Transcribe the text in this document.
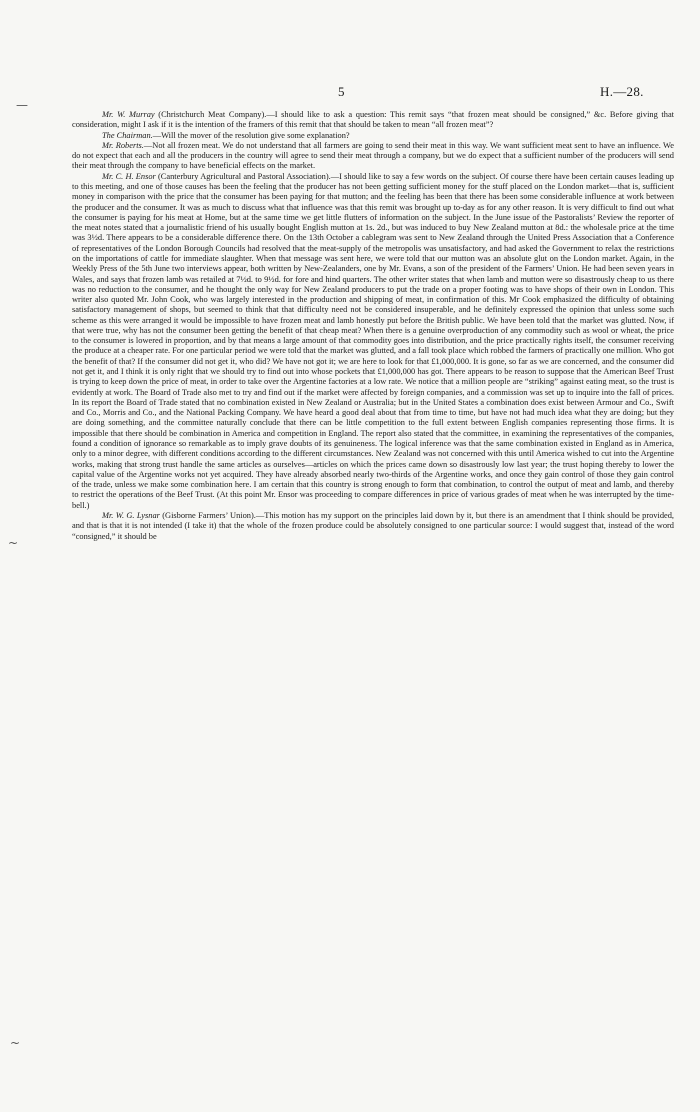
5	H.—28.
—
~
~

Mr. W. Murray (Christchurch Meat Company).—I should like to ask a question: This remit says “that frozen meat should be consigned,” &c. Before giving that consideration, might I ask if it is the intention of the framers of this remit that that should be taken to mean “all frozen meat”?

The Chairman.—Will the mover of the resolution give some explanation?

Mr. Roberts.—Not all frozen meat. We do not understand that all farmers are going to send their meat in this way. We want sufficient meat sent to have an influence. We do not expect that each and all the producers in the country will agree to send their meat through a company, but we do expect that a sufficient number of the producers will send their meat through the company to have beneficial effects on the market.

Mr. C. H. Ensor (Canterbury Agricultural and Pastoral Association).—I should like to say a few words on the subject. Of course there have been certain causes leading up to this meeting, and one of those causes has been the feeling that the producer has not been getting sufficient money for the stuff placed on the London market—that is, sufficient money in comparison with the price that the consumer has been paying for that mutton; and the feeling has been that there has been some considerable influence at work between the producer and the consumer. It was as much to discuss what that influence was that this remit was brought up to-day as for any other reason. It is very difficult to find out what the consumer is paying for his meat at Home, but at the same time we get little flutters of information on the subject. In the June issue of the Pastoralists’ Review the reporter of the meat notes stated that a journalistic friend of his usually bought English mutton at 1s. 2d., but was induced to buy New Zealand mutton at 8d.: the wholesale price at the time was 3½d. There appears to be a considerable difference there. On the 13th October a cablegram was sent to New Zealand through the United Press Association that a Conference of representatives of the London Borough Councils had resolved that the meat-supply of the metropolis was unsatisfactory, and had asked the Government to relax the restrictions on the importations of cattle for immediate slaughter. When that message was sent here, we were told that our mutton was an absolute glut on the London market. Again, in the Weekly Press of the 5th June two interviews appear, both written by New-Zealanders, one by Mr. Evans, a son of the president of the Farmers’ Union. He had been seven years in Wales, and says that frozen lamb was retailed at 7½d. to 9½d. for fore and hind quarters. The other writer states that when lamb and mutton were so disastrously cheap to us there was no reduction to the consumer, and he thought the only way for New Zealand producers to put the trade on a proper footing was to have shops of their own in London. This writer also quoted Mr. John Cook, who was largely interested in the production and shipping of meat, in confirmation of this. Mr Cook emphasized the difficulty of obtaining satisfactory management of shops, but seemed to think that that difficulty need not be considered insuperable, and he definitely expressed the opinion that unless some such scheme as this were arranged it would be impossible to have frozen meat and lamb honestly put before the British public. We have been told that the market was glutted. Now, if that were true, why has not the consumer been getting the benefit of that cheap meat? When there is a genuine overproduction of any commodity such as wool or wheat, the price to the consumer is lowered in proportion, and by that means a large amount of that commodity goes into distribution, and the price practically rights itself, the consumer receiving the produce at a cheaper rate. For one particular period we were told that the market was glutted, and a fall took place which robbed the farmers of practically one million. Who got the benefit of that? If the consumer did not get it, who did? We have not got it; we are here to look for that £1,000,000. It is gone, so far as we are concerned, and the consumer did not get it, and I think it is only right that we should try to find out into whose pockets that £1,000,000 has got. There appears to be reason to suppose that the American Beef Trust is trying to keep down the price of meat, in order to take over the Argentine factories at a low rate. We notice that a million people are “striking” against eating meat, so the trust is evidently at work. The Board of Trade also met to try and find out if the market were affected by foreign companies, and a commission was set up to inquire into the fall of prices. In its report the Board of Trade stated that no combination existed in New Zealand or Australia; but in the United States a combination does exist between Armour and Co., Swift and Co., Morris and Co., and the National Packing Company. We have heard a good deal about that from time to time, but have not had much idea what they are doing; but they are doing something, and the committee naturally conclude that there can be little competition to the full extent between English companies representing those firms. It is impossible that there should be combination in America and competition in England. The report also stated that the committee, in examining the representatives of the companies, found a condition of ignorance so remarkable as to imply grave doubts of its genuineness. The logical inference was that the same combination existed in England as in America, only to a minor degree, with different conditions according to the different circumstances. New Zealand was not concerned with this until America wished to cut into the Argentine works, making that strong trust handle the same articles as ourselves—articles on which the prices came down so disastrously low last year; the trust hoping thereby to lower the capital value of the Argentine works not yet acquired. They have already absorbed nearly two-thirds of the Argentine works, and once they gain control of those they gain control of the trade, unless we make some combination here. I am certain that this country is strong enough to form that combination, to control the output of meat and lamb, and thereby to restrict the operations of the Beef Trust. (At this point Mr. Ensor was proceeding to compare differences in price of various grades of meat when he was interrupted by the time-bell.)

Mr. W. G. Lysnar (Gisborne Farmers’ Union).—This motion has my support on the principles laid down by it, but there is an amendment that I think should be provided, and that is that it is not intended (I take it) that the whole of the frozen produce could be absolutely consigned to one particular source: I would suggest that, instead of the word “consigned,” it should be
